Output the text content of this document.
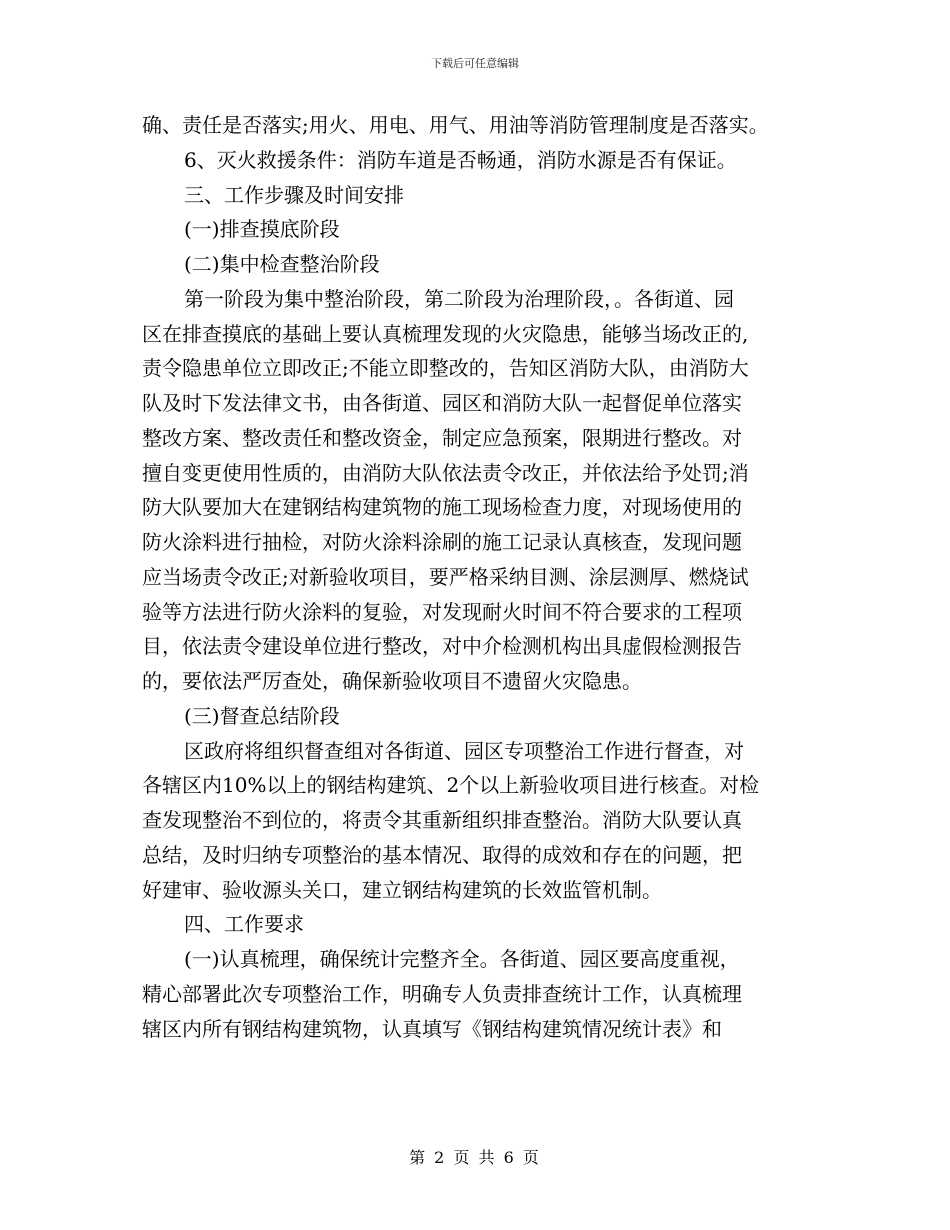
下载后可任意编辑
确、责任是否落实;用火、用电、用气、用油等消防管理制度是否落实。
6、灭火救援条件：消防车道是否畅通，消防水源是否有保证。
三、工作步骤及时间安排
(一)排查摸底阶段
(二)集中检查整治阶段
第一阶段为集中整治阶段，第二阶段为治理阶段，。各街道、园
区在排查摸底的基础上要认真梳理发现的火灾隐患，能够当场改正的,
责令隐患单位立即改正;不能立即整改的，告知区消防大队，由消防大
队及时下发法律文书，由各街道、园区和消防大队一起督促单位落实
整改方案、整改责任和整改资金，制定应急预案，限期进行整改。对
擅自变更使用性质的，由消防大队依法责令改正，并依法给予处罚;消
防大队要加大在建钢结构建筑物的施工现场检查力度，对现场使用的
防火涂料进行抽检，对防火涂料涂刷的施工记录认真核查，发现问题
应当场责令改正;对新验收项目，要严格采纳目测、涂层测厚、燃烧试
验等方法进行防火涂料的复验，对发现耐火时间不符合要求的工程项
目，依法责令建设单位进行整改，对中介检测机构出具虚假检测报告
的，要依法严厉查处，确保新验收项目不遗留火灾隐患。
(三)督查总结阶段
区政府将组织督查组对各街道、园区专项整治工作进行督查，对
各辖区内10%以上的钢结构建筑、2个以上新验收项目进行核查。对检
查发现整治不到位的，将责令其重新组织排查整治。消防大队要认真
总结，及时归纳专项整治的基本情况、取得的成效和存在的问题，把
好建审、验收源头关口，建立钢结构建筑的长效监管机制。
四、工作要求
(一)认真梳理，确保统计完整齐全。各街道、园区要高度重视，
精心部署此次专项整治工作，明确专人负责排查统计工作，认真梳理
辖区内所有钢结构建筑物，认真填写《钢结构建筑情况统计表》和
第 2 页 共 6 页
